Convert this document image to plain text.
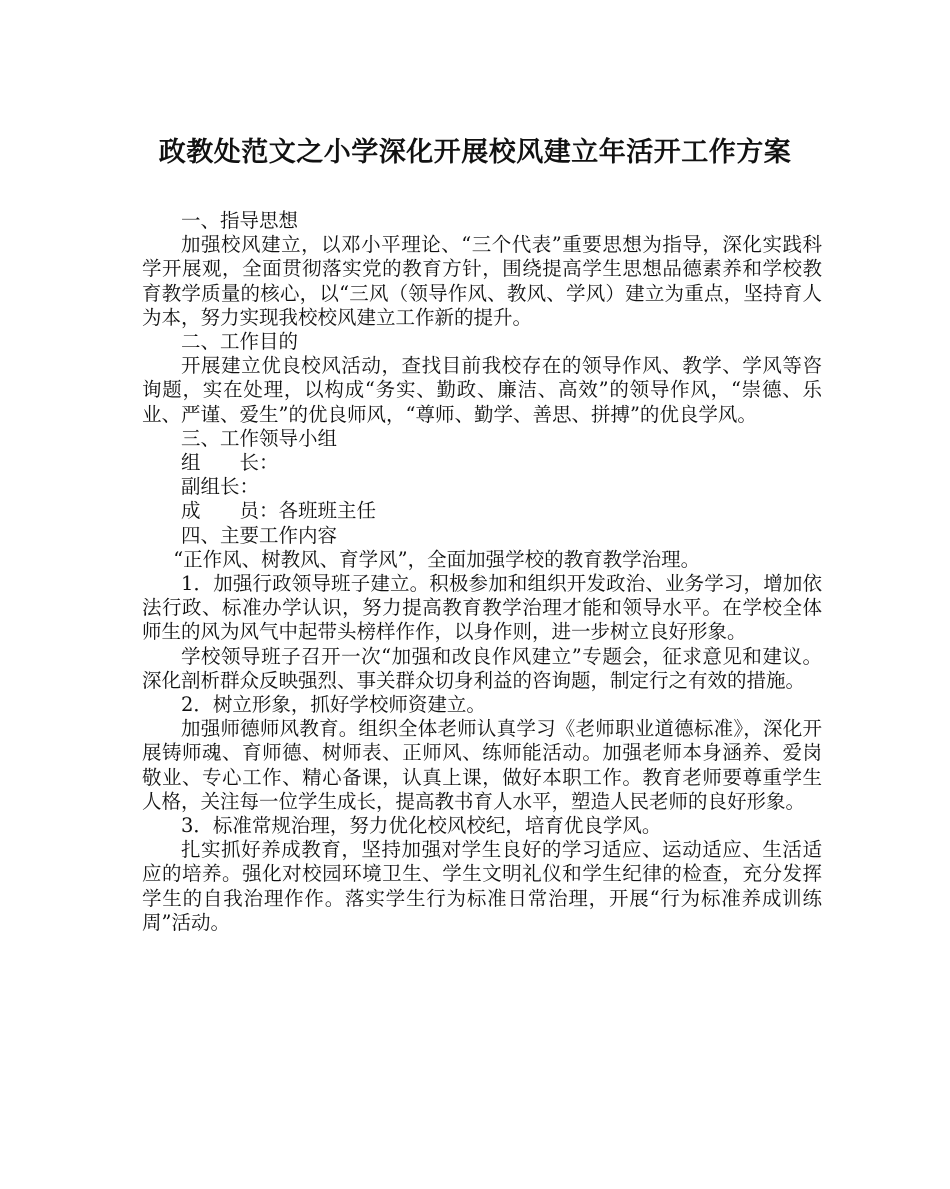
政教处范文之小学深化开展校风建立年活开工作方案

一、指导思想

加强校风建立，以邓小平理论、“三个代表”重要思想为指导，深化实践科学开展观，全面贯彻落实党的教育方针，围绕提高学生思想品德素养和学校教育教学质量的核心，以“三风（领导作风、教风、学风）建立为重点，坚持育人为本，努力实现我校校风建立工作新的提升。

二、工作目的

开展建立优良校风活动，查找目前我校存在的领导作风、教学、学风等咨询题，实在处理，以构成“务实、勤政、廉洁、高效”的领导作风，“崇德、乐业、严谨、爱生”的优良师风，“尊师、勤学、善思、拼搏”的优良学风。

三、工作领导小组

组　　长：

副组长：

成　　员：各班班主任

四、主要工作内容

“正作风、树教风、育学风”，全面加强学校的教育教学治理。

1．加强行政领导班子建立。积极参加和组织开发政治、业务学习，增加依法行政、标准办学认识，努力提高教育教学治理才能和领导水平。在学校全体师生的风为风气中起带头榜样作作，以身作则，进一步树立良好形象。

学校领导班子召开一次“加强和改良作风建立”专题会，征求意见和建议。深化剖析群众反映强烈、事关群众切身利益的咨询题，制定行之有效的措施。

2．树立形象，抓好学校师资建立。

加强师德师风教育。组织全体老师认真学习《老师职业道德标准》，深化开展铸师魂、育师德、树师表、正师风、练师能活动。加强老师本身涵养、爱岗敬业、专心工作、精心备课，认真上课，做好本职工作。教育老师要尊重学生人格，关注每一位学生成长，提高教书育人水平，塑造人民老师的良好形象。

3．标准常规治理，努力优化校风校纪，培育优良学风。

扎实抓好养成教育，坚持加强对学生良好的学习适应、运动适应、生活适应的培养。强化对校园环境卫生、学生文明礼仪和学生纪律的检查，充分发挥学生的自我治理作作。落实学生行为标准日常治理，开展“行为标准养成训练周”活动。
